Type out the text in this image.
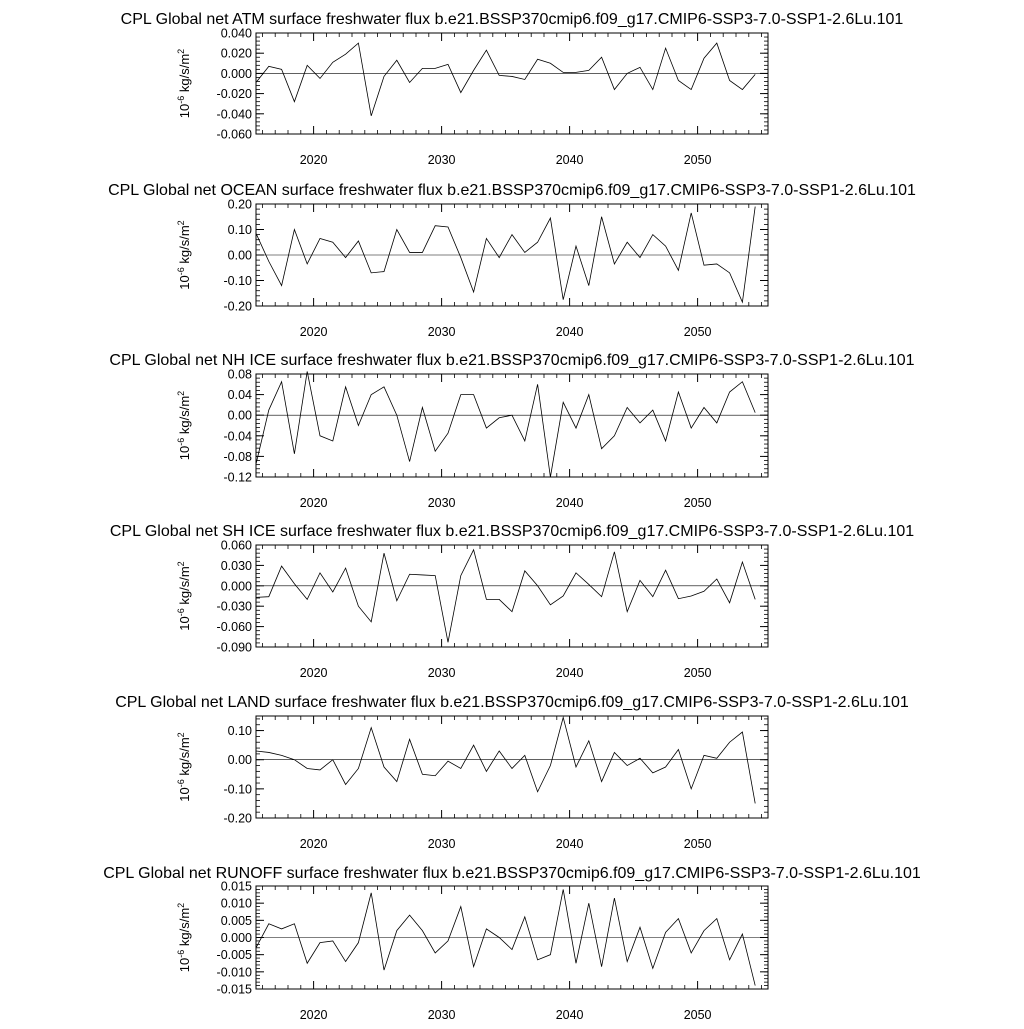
CPL Global net ATM surface freshwater flux b.e21.BSSP370cmip6.f09_g17.CMIP6-SSP3-7.0-SSP1-2.6Lu.101
-0.060
-0.040
-0.020
0.000
0.020
0.040
2020	2030	2040	2050
$10^{-6}$ $kg/s/m^2$
CPL Global net OCEAN surface freshwater flux b.e21.BSSP370cmip6.f09_g17.CMIP6-SSP3-7.0-SSP1-2.6Lu.101
-0.20
-0.10
0.00
0.10
0.20
2020	2030	2040	2050
$10^{-6}$ $kg/s/m^2$
CPL Global net NH ICE surface freshwater flux b.e21.BSSP370cmip6.f09_g17.CMIP6-SSP3-7.0-SSP1-2.6Lu.101
-0.12
-0.08
-0.04
0.00
0.04
0.08
2020	2030	2040	2050
$10^{-6}$ $kg/s/m^2$
CPL Global net SH ICE surface freshwater flux b.e21.BSSP370cmip6.f09_g17.CMIP6-SSP3-7.0-SSP1-2.6Lu.101
-0.090
-0.060
-0.030
0.000
0.030
0.060
2020	2030	2040	2050
$10^{-6}$ $kg/s/m^2$
CPL Global net LAND surface freshwater flux b.e21.BSSP370cmip6.f09_g17.CMIP6-SSP3-7.0-SSP1-2.6Lu.101
-0.20
-0.10
0.00
0.10
2020	2030	2040	2050
$10^{-6}$ $kg/s/m^2$
CPL Global net RUNOFF surface freshwater flux b.e21.BSSP370cmip6.f09_g17.CMIP6-SSP3-7.0-SSP1-2.6Lu.101
-0.015
-0.010
-0.005
0.000
0.005
0.010
0.015
2020	2030	2040	2050
$10^{-6}$ $kg/s/m^2$
